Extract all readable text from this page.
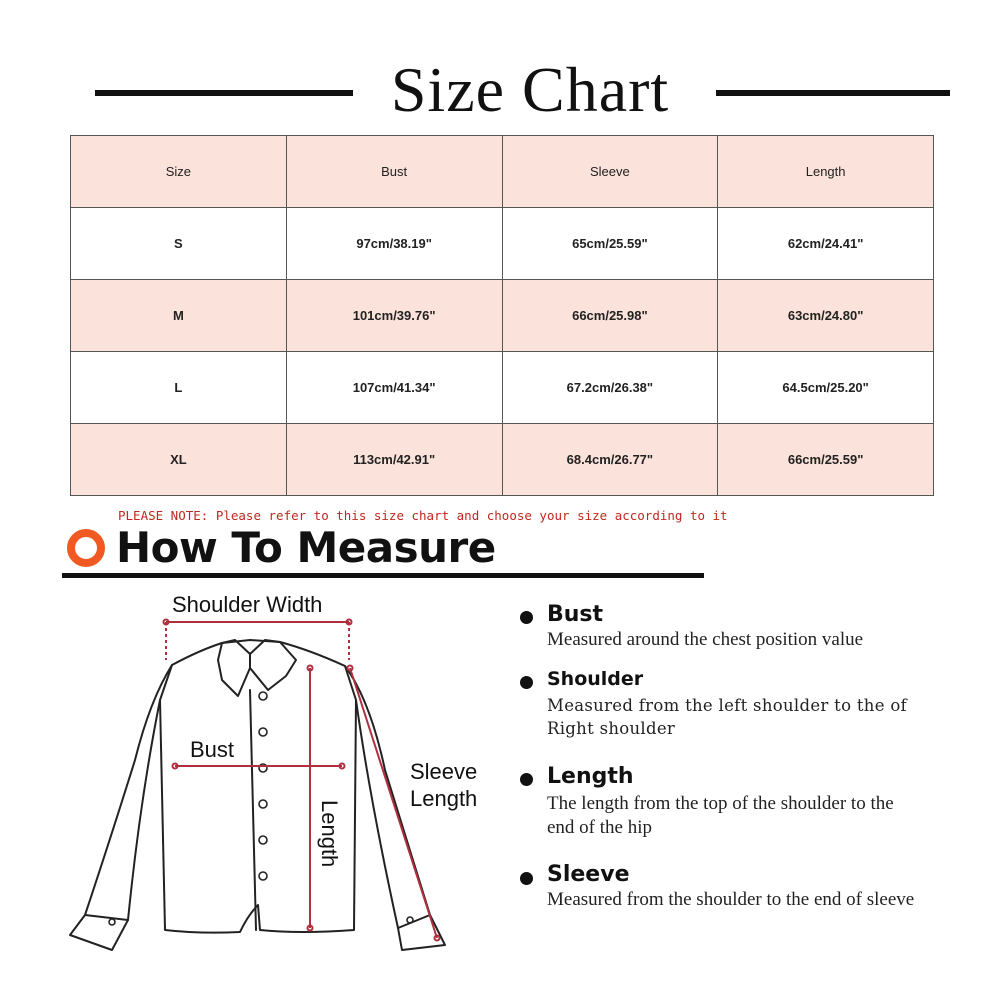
Size Chart
Size	Bust	Sleeve	Length
S	97cm/38.19"	65cm/25.59"	62cm/24.41"
M	101cm/39.76"	66cm/25.98"	63cm/24.80"
L	107cm/41.34"	67.2cm/26.38"	64.5cm/25.20"
XL	113cm/42.91"	68.4cm/26.77"	66cm/25.59"
PLEASE NOTE: Please refer to this size chart and choose your size according to it
How To Measure
Shoulder Width
Bust
Length
Sleeve
Length
Bust
Measured around the chest position value
Shoulder
Measured from the left shoulder to the of Right shoulder
Length
The length from the top of the shoulder to the end of the hip
Sleeve
Measured from the shoulder to the end of sleeve
